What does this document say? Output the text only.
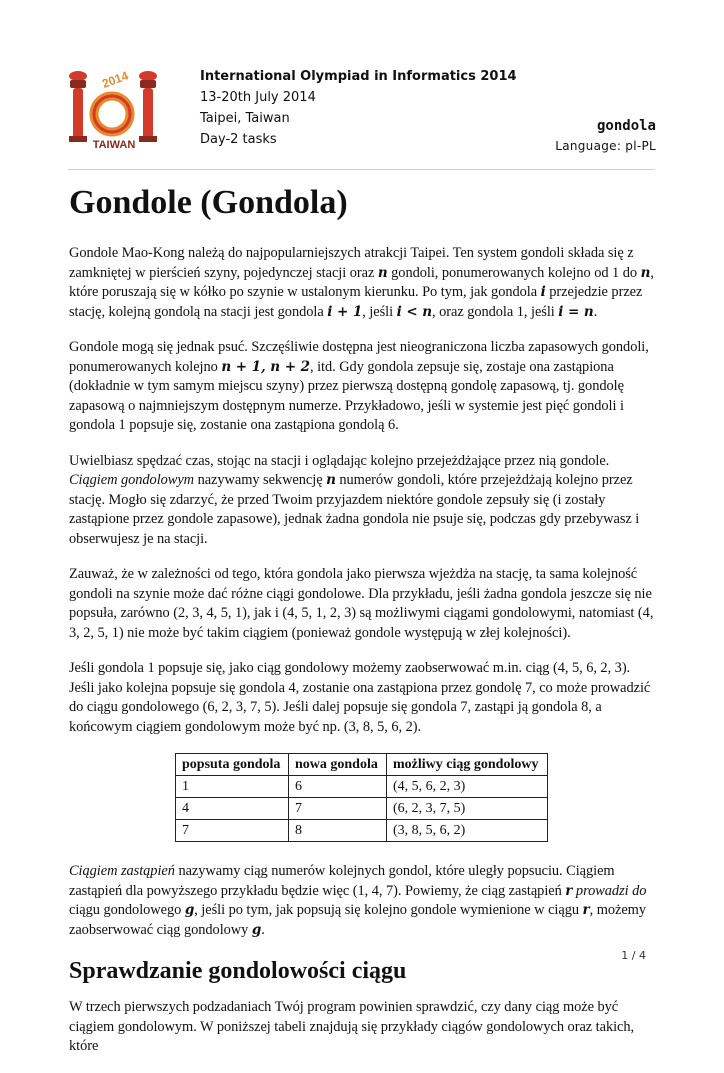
TAIWAN
2014	International Olympiad in Informatics 2014
13-20th July 2014
Taipei, Taiwan
Day-2 tasks
gondola
Language: pl-PL
Gondole (Gondola)

Gondole Mao-Kong należą do najpopularniejszych atrakcji Taipei. Ten system gondoli składa się z zamkniętej w pierścień szyny, pojedynczej stacji oraz n gondoli, ponumerowanych kolejno od 1 do n, które poruszają się w kółko po szynie w ustalonym kierunku. Po tym, jak gondola i przejedzie przez stację, kolejną gondolą na stacji jest gondola i + 1, jeśli i < n, oraz gondola 1, jeśli i = n.

Gondole mogą się jednak psuć. Szczęśliwie dostępna jest nieograniczona liczba zapasowych gondoli, ponumerowanych kolejno n + 1, n + 2, itd. Gdy gondola zepsuje się, zostaje ona zastąpiona (dokładnie w tym samym miejscu szyny) przez pierwszą dostępną gondolę zapasową, tj. gondolę zapasową o najmniejszym dostępnym numerze. Przykładowo, jeśli w systemie jest pięć gondoli i gondola 1 popsuje się, zostanie ona zastąpiona gondolą 6.

Uwielbiasz spędzać czas, stojąc na stacji i oglądając kolejno przejeżdżające przez nią gondole. Ciągiem gondolowym nazywamy sekwencję n numerów gondoli, które przejeżdżają kolejno przez stację. Mogło się zdarzyć, że przed Twoim przyjazdem niektóre gondole zepsuły się (i zostały zastąpione przez gondole zapasowe), jednak żadna gondola nie psuje się, podczas gdy przebywasz i obserwujesz je na stacji.

Zauważ, że w zależności od tego, która gondola jako pierwsza wjeżdża na stację, ta sama kolejność gondoli na szynie może dać różne ciągi gondolowe. Dla przykładu, jeśli żadna gondola jeszcze się nie popsuła, zarówno (2, 3, 4, 5, 1), jak i (4, 5, 1, 2, 3) są możliwymi ciągami gondolowymi, natomiast (4, 3, 2, 5, 1) nie może być takim ciągiem (ponieważ gondole występują w złej kolejności).

Jeśli gondola 1 popsuje się, jako ciąg gondolowy możemy zaobserwować m.in. ciąg (4, 5, 6, 2, 3). Jeśli jako kolejna popsuje się gondola 4, zostanie ona zastąpiona przez gondolę 7, co może prowadzić do ciągu gondolowego (6, 2, 3, 7, 5). Jeśli dalej popsuje się gondola 7, zastąpi ją gondola 8, a końcowym ciągiem gondolowym może być np. (3, 8, 5, 6, 2).

popsuta gondola	nowa gondola	możliwy ciąg gondolowy
1	6	(4, 5, 6, 2, 3)
4	7	(6, 2, 3, 7, 5)
7	8	(3, 8, 5, 6, 2)

Ciągiem zastąpień nazywamy ciąg numerów kolejnych gondol, które uległy popsuciu. Ciągiem zastąpień dla powyższego przykładu będzie więc (1, 4, 7). Powiemy, że ciąg zastąpień r prowadzi do ciągu gondolowego g, jeśli po tym, jak popsują się kolejno gondole wymienione w ciągu r, możemy zaobserwować ciąg gondolowy g.

Sprawdzanie gondolowości ciągu

W trzech pierwszych podzadaniach Twój program powinien sprawdzić, czy dany ciąg może być ciągiem gondolowym. W poniższej tabeli znajdują się przykłady ciągów gondolowych oraz takich, które

1 / 4
